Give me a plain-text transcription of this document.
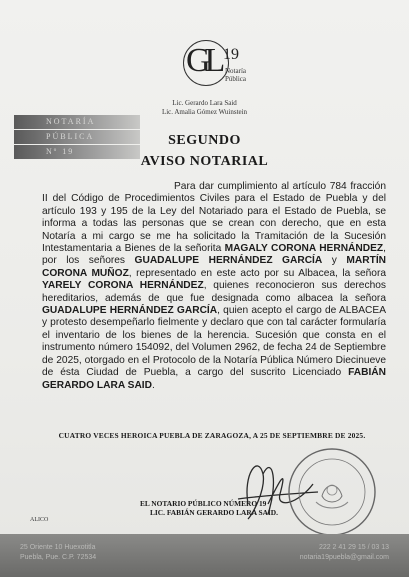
GL 19
Notaría
Pública
Lic. Gerardo Lara Said
Lic. Amalia Gómez Wuinstein
NOTARÍA
PÚBLICA
Nº 19
SEGUNDO
AVISO NOTARIAL
Para dar cumplimiento al artículo 784 fracción II del Código de Procedimientos Civiles para el Estado de Puebla y del artículo 193 y 195 de la Ley del Notariado para el Estado de Puebla, se informa a todas las personas que se crean con derecho, que en esta Notaría a mi cargo se me ha solicitado la Tramitación de la Sucesión Intestamentaria a Bienes de la señorita MAGALY CORONA HERNÁNDEZ, por los señores GUADALUPE HERNÁNDEZ GARCÍA y MARTÍN CORONA MUÑOZ, representado en este acto por su Albacea, la señora YARELY CORONA HERNÁNDEZ, quienes reconocieron sus derechos hereditarios, además de que fue designada como albacea la señora GUADALUPE HERNÁNDEZ GARCÍA, quien acepto el cargo de ALBACEA y protesto desempeñarlo fielmente y declaro que con tal carácter formularía el inventario de los bienes de la herencia. Sucesión que consta en el instrumento número 154092, del Volumen 2962, de fecha 24 de Septiembre de 2025, otorgado en el Protocolo de la Notaría Pública Número Diecinueve de ésta Ciudad de Puebla, a cargo del suscrito Licenciado FABIÁN GERARDO LARA SAID.
CUATRO VECES HEROICA PUEBLA DE ZARAGOZA, A 25 DE SEPTIEMBRE DE 2025.
EL NOTARIO PÚBLICO NÚMERO 19
LIC. FABIÁN GERARDO LARA SAID.
ALICO
25 Oriente 10 Huexotitla
Puebla, Pue. C.P. 72534
222 2 41 29 15 / 03 13
notaria19puebla@gmail.com
